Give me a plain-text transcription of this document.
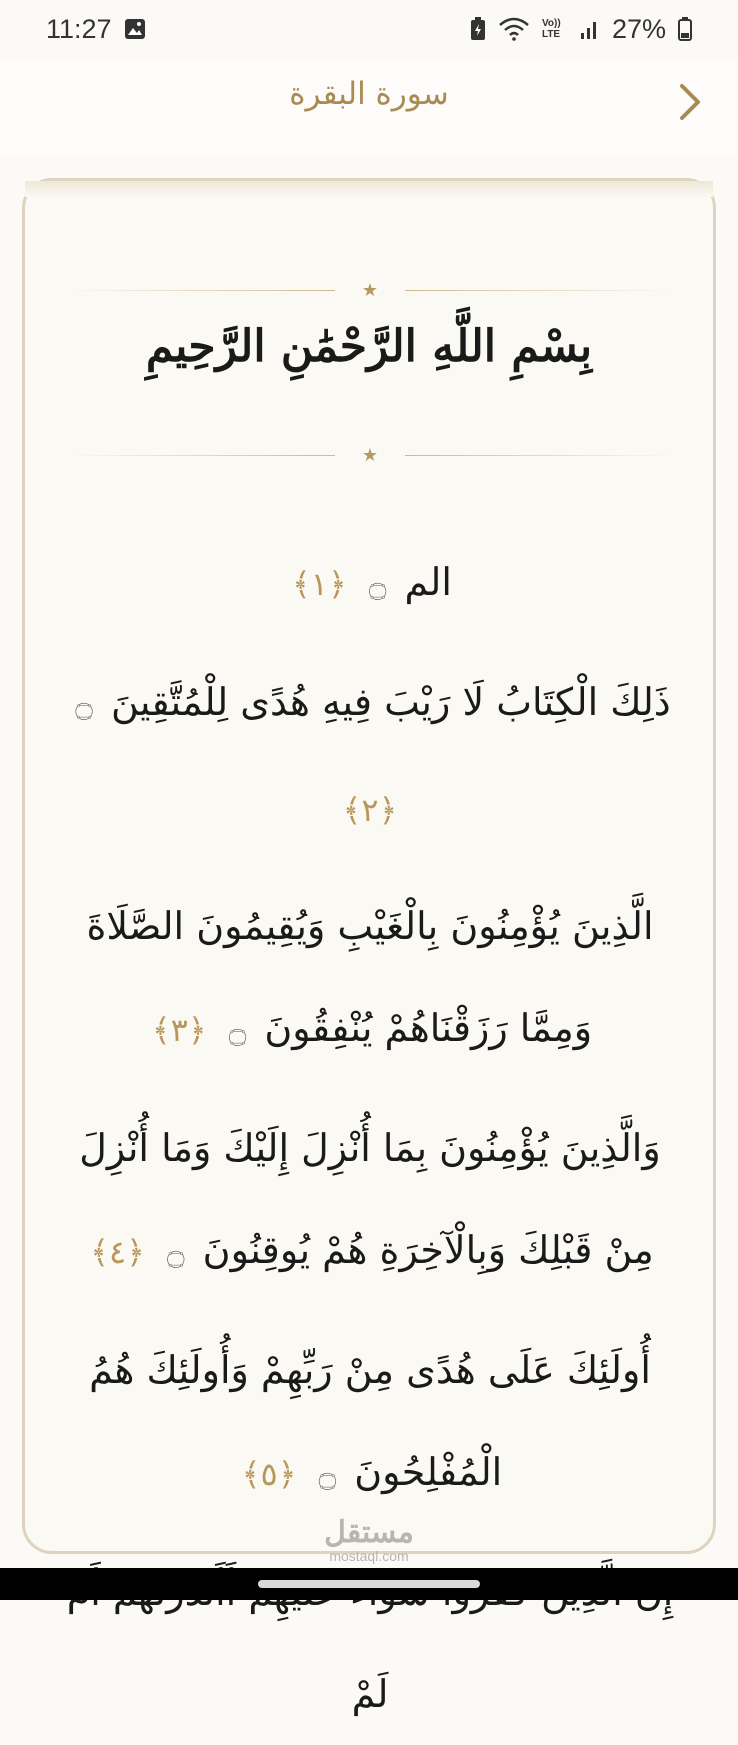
11:27	Vo)) LTE 27%
سورة البقرة
★
بِسْمِ اللَّهِ الرَّحْمَٰنِ الرَّحِيمِ
★

الم ۝ ﴿١﴾

ذَلِكَ الْكِتَابُ لَا رَيْبَ فِيهِ هُدًى لِلْمُتَّقِينَ ۝ ﴿٢﴾

الَّذِينَ يُؤْمِنُونَ بِالْغَيْبِ وَيُقِيمُونَ الصَّلَاةَ وَمِمَّا رَزَقْنَاهُمْ يُنْفِقُونَ ۝ ﴿٣﴾

وَالَّذِينَ يُؤْمِنُونَ بِمَا أُنْزِلَ إِلَيْكَ وَمَا أُنْزِلَ مِنْ قَبْلِكَ وَبِالْآخِرَةِ هُمْ يُوقِنُونَ ۝ ﴿٤﴾

أُولَئِكَ عَلَى هُدًى مِنْ رَبِّهِمْ وَأُولَئِكَ هُمُ الْمُفْلِحُونَ ۝ ﴿٥﴾

لَمْ

مستقل
mostaql.com
